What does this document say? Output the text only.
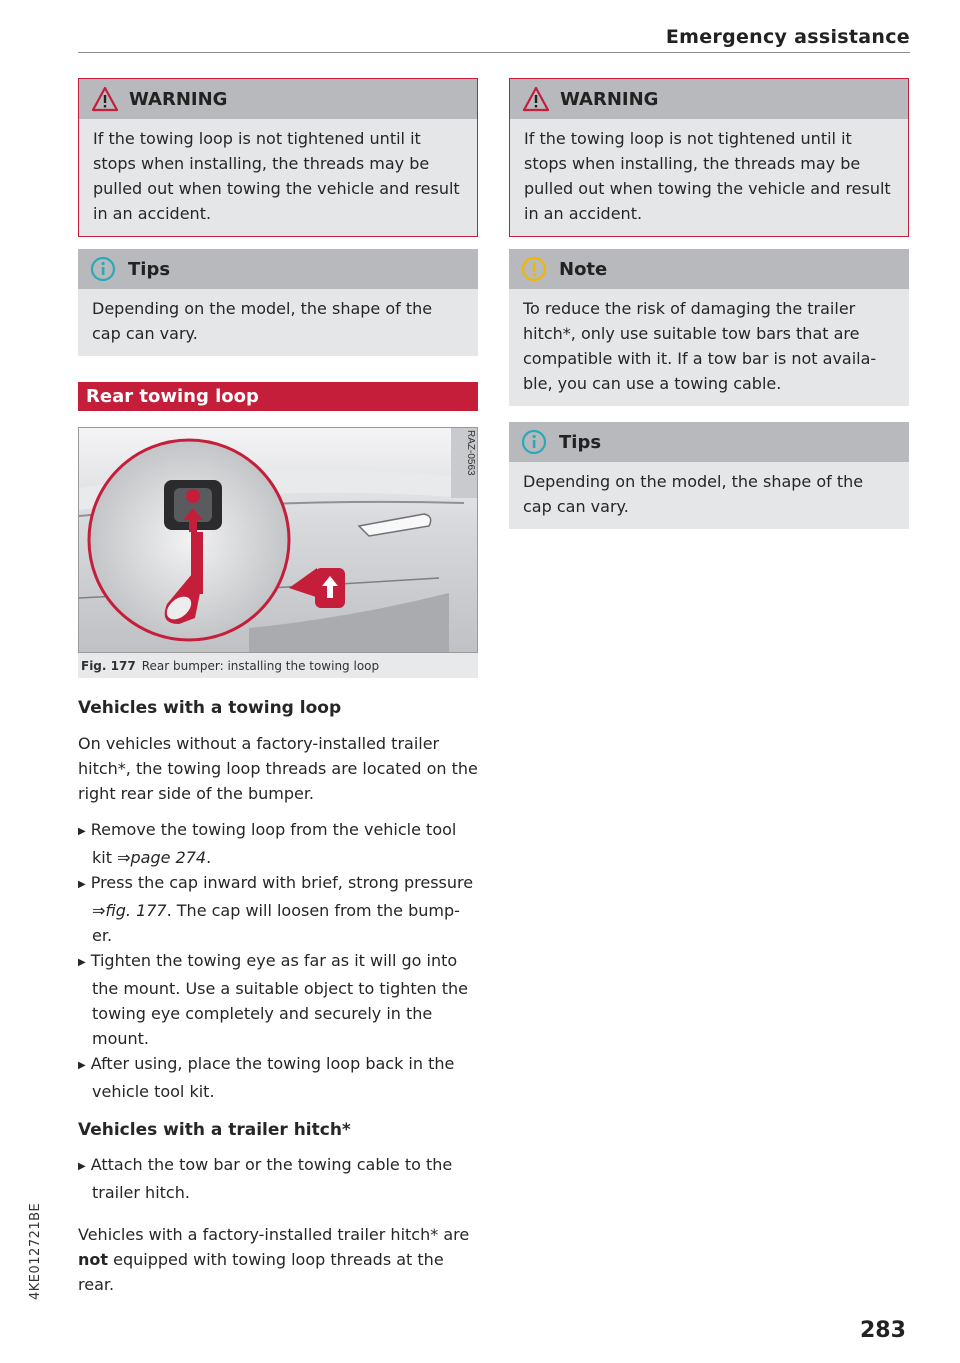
Emergency assistance
WARNING
If the towing loop is not tightened until it stops when installing, the threads may be pulled out when towing the vehicle and result in an accident.
Tips
Depending on the model, the shape of the cap can vary.
Rear towing loop
RAZ-0563
Fig. 177 Rear bumper: installing the towing loop
Vehicles with a towing loop

On vehicles without a factory-installed trailer hitch*, the towing loop threads are located on the right rear side of the bumper.

▶ Remove the towing loop from the vehicle tool kit ⇒page 274.
▶ Press the cap inward with brief, strong pressure ⇒fig. 177. The cap will loosen from the bump-er.
▶ Tighten the towing eye as far as it will go into the mount. Use a suitable object to tighten the towing eye completely and securely in the mount.
▶ After using, place the towing loop back in the vehicle tool kit.
Vehicles with a trailer hitch*
▶ Attach the tow bar or the towing cable to the trailer hitch.

Vehicles with a factory-installed trailer hitch* are not equipped with towing loop threads at the rear.

WARNING
If the towing loop is not tightened until it stops when installing, the threads may be pulled out when towing the vehicle and result in an accident.
Note
To reduce the risk of damaging the trailer hitch*, only use suitable tow bars that are compatible with it. If a tow bar is not availa-ble, you can use a towing cable.
Tips
Depending on the model, the shape of the cap can vary.
4KE012721BE
283
